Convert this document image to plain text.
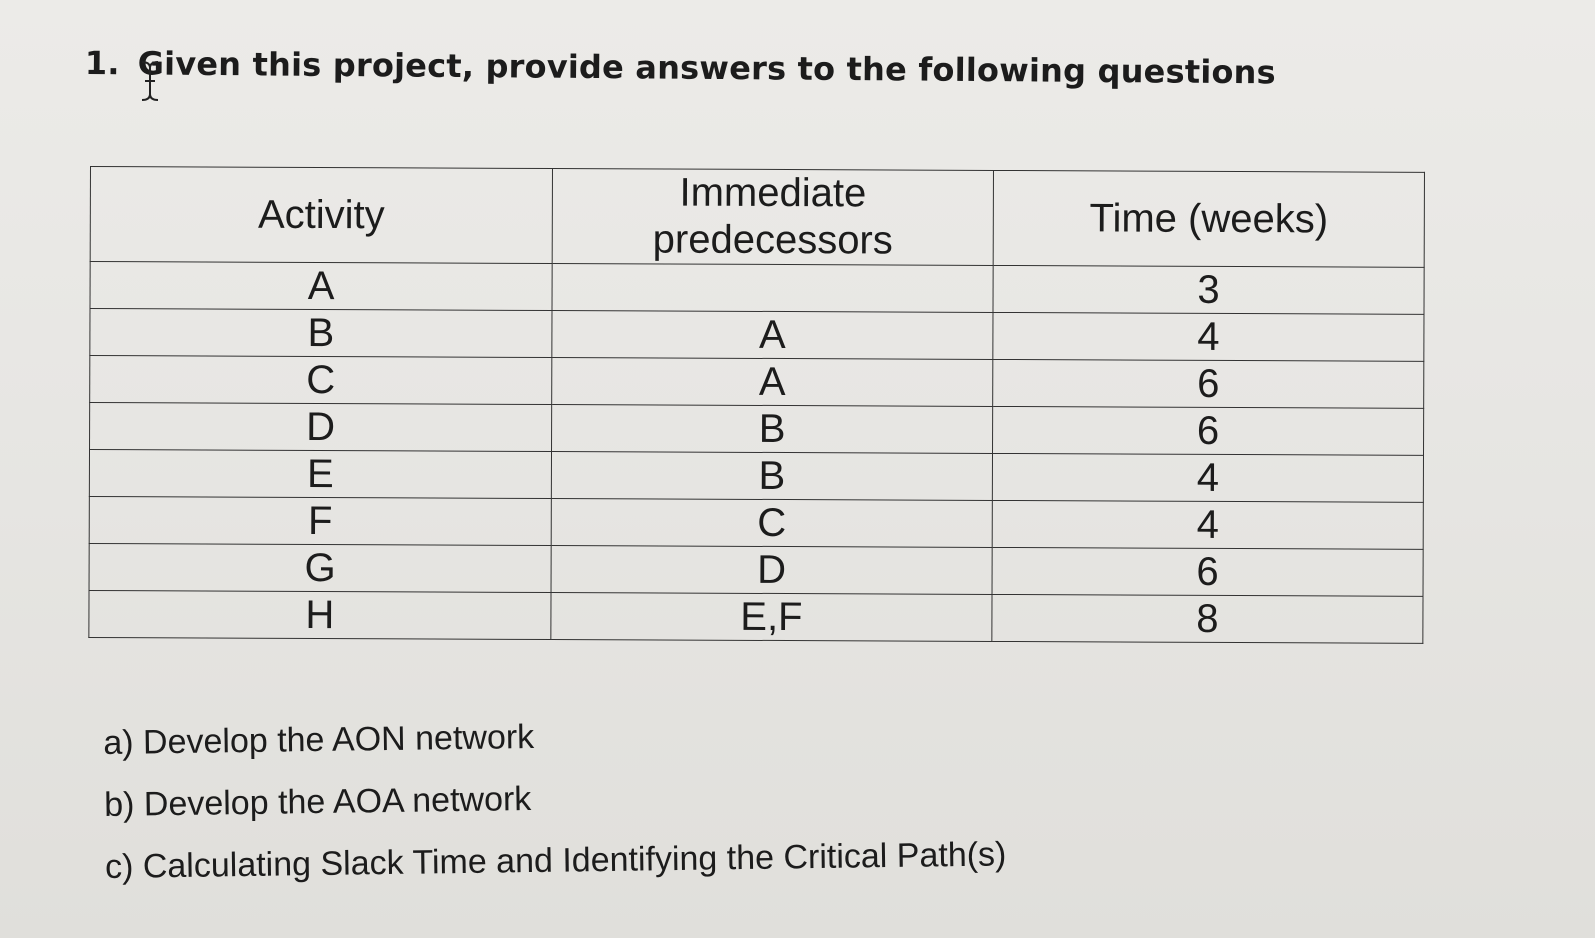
1. Given this project, provide answers to the following questions
Activity	Immediate predecessors	Time (weeks)
A		3
B	A	4
C	A	6
D	B	6
E	B	4
F	C	4
G	D	6
H	E,F	8
a) Develop the AON network
b) Develop the AOA network
c) Calculating Slack Time and Identifying the Critical Path(s)
